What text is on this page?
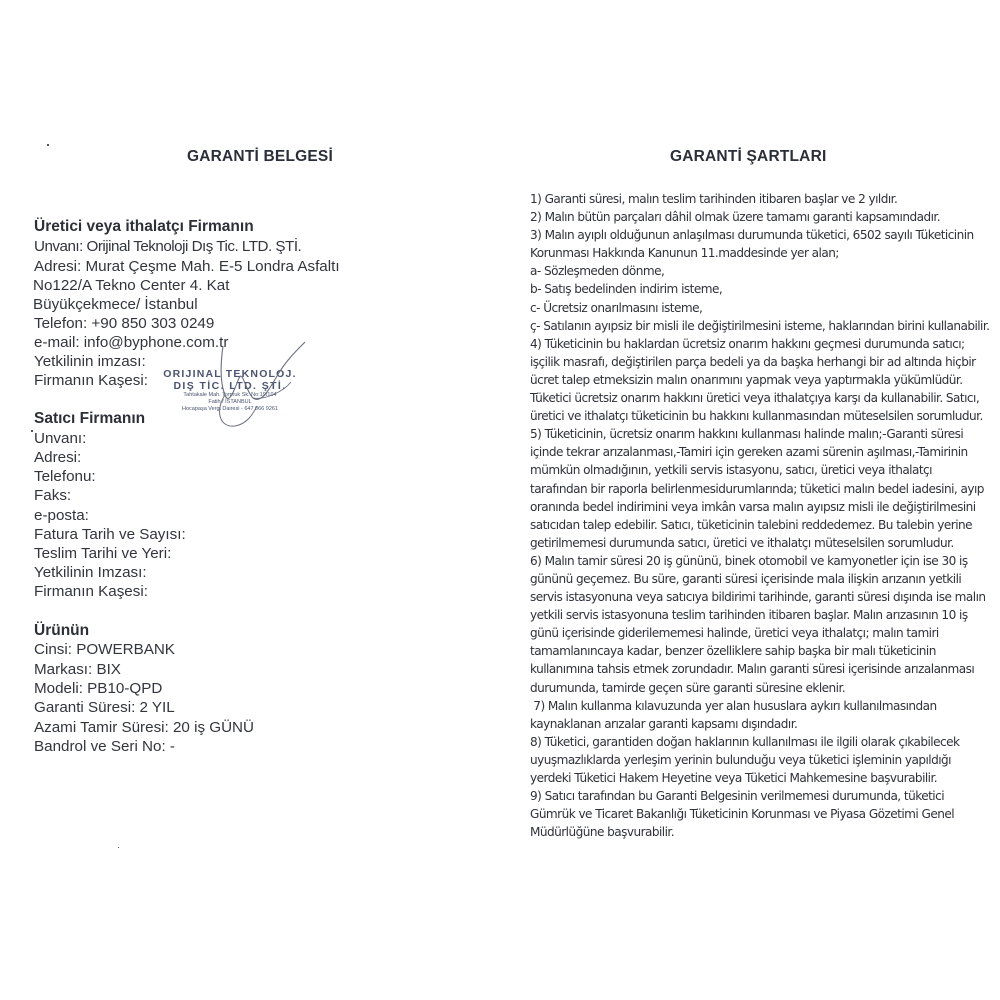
GARANTİ BELGESİ	GARANTİ ŞARTLARI
Üretici veya ithalatçı Firmanın
Unvanı: Orijinal Teknoloji Dış Tic. LTD. ŞTİ.
Adresi: Murat Çeşme Mah. E-5 Londra Asfaltı
No122/A Tekno Center 4. Kat
Büyükçekmece/ İstanbul
Telefon: +90 850 303 0249
e-mail: info@byphone.com.tr
Yetkilinin imzası:
Firmanın Kaşesi:	ORIJINAL TEKNOLOJ.
DIŞ TİC. LTD. ŞTİ.
Tahtakale Mah. Tomruk Sk. No:19/104
Fatih / İSTANBUL
Hocapaşa Vergi Dairesi - 647 066 9261
Satıcı Firmanın
Unvanı:
Adresi:
Telefonu:
Faks:
e-posta:
Fatura Tarih ve Sayısı:
Teslim Tarihi ve Yeri:
Yetkilinin Imzası:
Firmanın Kaşesi:
Ürünün
Cinsi: POWERBANK
Markası: BIX
Modeli: PB10-QPD
Garanti Süresi: 2 YIL
Azami Tamir Süresi: 20 iş GÜNÜ
Bandrol ve Seri No: -

1) Garanti süresi, malın teslim tarihinden itibaren başlar ve 2 yıldır.

2) Malın bütün parçaları dâhil olmak üzere tamamı garanti kapsamındadır.

3) Malın ayıplı olduğunun anlaşılması durumunda tüketici, 6502 sayılı Tüketicinin Korunması Hakkında Kanunun 11.maddesinde yer alan;

a- Sözleşmeden dönme,

b- Satış bedelinden indirim isteme,

c- Ücretsiz onarılmasını isteme,

ç- Satılanın ayıpsiz bir misli ile değiştirilmesini isteme, haklarından birini kullanabilir.

4) Tüketicinin bu haklardan ücretsiz onarım hakkını geçmesi durumunda satıcı; işçilik masrafı, değiştirilen parça bedeli ya da başka herhangi bir ad altında hiçbir ücret talep etmeksizin malın onarımını yapmak veya yaptırmakla yükümlüdür. Tüketici ücretsiz onarım hakkını üretici veya ithalatçıya karşı da kullanabilir. Satıcı, üretici ve ithalatçı tüketicinin bu hakkını kullanmasından müteselsilen sorumludur.

5) Tüketicinin, ücretsiz onarım hakkını kullanması halinde malın;-Garanti süresi içinde tekrar arızalanması,-Tamiri için gereken azami sürenin aşılması,-Tamirinin mümkün olmadığının, yetkili servis istasyonu, satıcı, üretici veya ithalatçı tarafından bir raporla belirlenmesidurumlarında; tüketici malın bedel iadesini, ayıp oranında bedel indirimini veya imkân varsa malın ayıpsız misli ile değiştirilmesini satıcıdan talep edebilir. Satıcı, tüketicinin talebini reddedemez. Bu talebin yerine getirilmemesi durumunda satıcı, üretici ve ithalatçı müteselsilen sorumludur.

6) Malın tamir süresi 20 iş gününü, binek otomobil ve kamyonetler için ise 30 iş gününü geçemez. Bu süre, garanti süresi içerisinde mala ilişkin arızanın yetkili servis istasyonuna veya satıcıya bildirimi tarihinde, garanti süresi dışında ise malın yetkili servis istasyonuna teslim tarihinden itibaren başlar. Malın arızasının 10 iş günü içerisinde giderilememesi halinde, üretici veya ithalatçı; malın tamiri tamamlanıncaya kadar, benzer özelliklere sahip başka bir malı tüketicinin kullanımına tahsis etmek zorundadır. Malın garanti süresi içerisinde arızalanması durumunda, tamirde geçen süre garanti süresine eklenir.

7) Malın kullanma kılavuzunda yer alan hususlara aykırı kullanılmasından kaynaklanan arızalar garanti kapsamı dışındadır.

8) Tüketici, garantiden doğan haklarının kullanılması ile ilgili olarak çıkabilecek uyuşmazlıklarda yerleşim yerinin bulunduğu veya tüketici işleminin yapıldığı yerdeki Tüketici Hakem Heyetine veya Tüketici Mahkemesine başvurabilir.

9) Satıcı tarafından bu Garanti Belgesinin verilmemesi durumunda, tüketici Gümrük ve Ticaret Bakanlığı Tüketicinin Korunması ve Piyasa Gözetimi Genel Müdürlüğüne başvurabilir.
